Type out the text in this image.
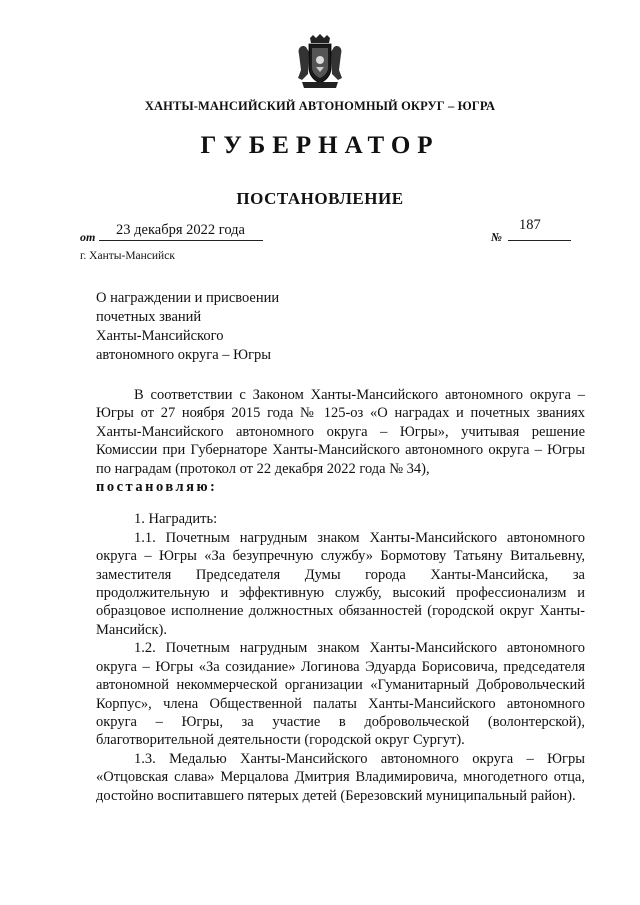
ХАНТЫ-МАНСИЙСКИЙ АВТОНОМНЫЙ ОКРУГ – ЮГРА
ГУБЕРНАТОР
ПОСТАНОВЛЕНИЕ
от 23 декабря 2022 года	№
187
г. Ханты-Мансийск
О награждении и присвоении
почетных званий
Ханты-Мансийского
автономного округа – Югры

В соответствии с Законом Ханты-Мансийского автономного округа – Югры от 27 ноября 2015 года № 125-оз «О наградах и почетных званиях Ханты-Мансийского автономного округа – Югры», учитывая решение Комиссии при Губернаторе Ханты-Мансийского автономного округа – Югры по наградам (протокол от 22 декабря 2022 года № 34),

постановляю:

1. Наградить:

1.1. Почетным нагрудным знаком Ханты-Мансийского автономного округа – Югры «За безупречную службу» Бормотову Татьяну Витальевну, заместителя Председателя Думы города Ханты-Мансийска, за продолжительную и эффективную службу, высокий профессионализм и образцовое исполнение должностных обязанностей (городской округ Ханты-Мансийск).

1.2. Почетным нагрудным знаком Ханты-Мансийского автономного округа – Югры «За созидание» Логинова Эдуарда Борисовича, председателя автономной некоммерческой организации «Гуманитарный Добровольческий Корпус», члена Общественной палаты Ханты-Мансийского автономного округа – Югры, за участие в добровольческой (волонтерской), благотворительной деятельности (городской округ Сургут).

1.3. Медалью Ханты-Мансийского автономного округа – Югры «Отцовская слава» Мерцалова Дмитрия Владимировича, многодетного отца, достойно воспитавшего пятерых детей (Березовский муниципальный район).
